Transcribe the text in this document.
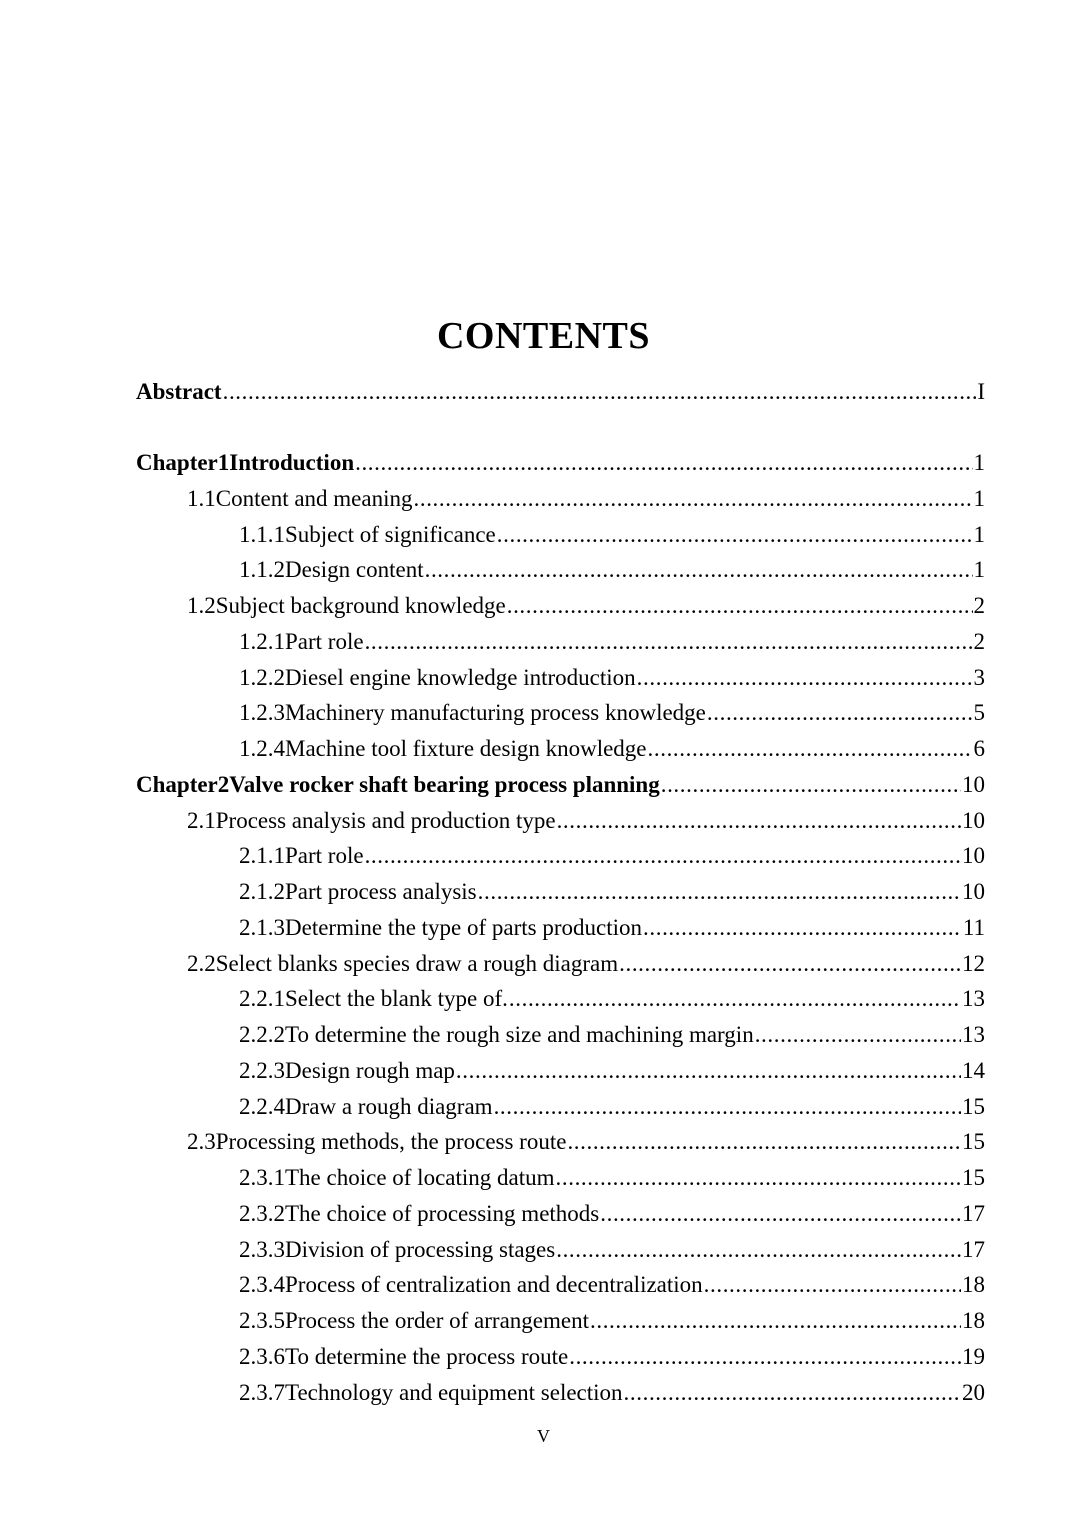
CONTENTS
Abstract .....	I
Chapter1 Introduction .....	1
1.1 Content and meaning .....	1
1.1.1 Subject of significance .....	1
1.1.2 Design content .....	1
1.2 Subject background knowledge .....	2
1.2.1 Part role .....	2
1.2.2 Diesel engine knowledge introduction .....	3
1.2.3 Machinery manufacturing process knowledge .....	5
1.2.4 Machine tool fixture design knowledge .....	6
Chapter2 Valve rocker shaft bearing process planning .....	10
2.1 Process analysis and production type .....	10
2.1.1 Part role .....	10
2.1.2 Part process analysis .....	10
2.1.3 Determine the type of parts production .....	11
2.2 Select blanks species draw a rough diagram .....	12
2.2.1 Select the blank type of. .....	13
2.2.2 To determine the rough size and machining margin .....	13
2.2.3 Design rough map .....	14
2.2.4 Draw a rough diagram .....	15
2.3 Processing methods, the process route .....	15
2.3.1 The choice of locating datum .....	15
2.3.2 The choice of processing methods .....	17
2.3.3 Division of processing stages .....	17
2.3.4 Process of centralization and decentralization .....	18
2.3.5 Process the order of arrangement .....	18
2.3.6 To determine the process route .....	19
2.3.7 Technology and equipment selection .....	20
V
